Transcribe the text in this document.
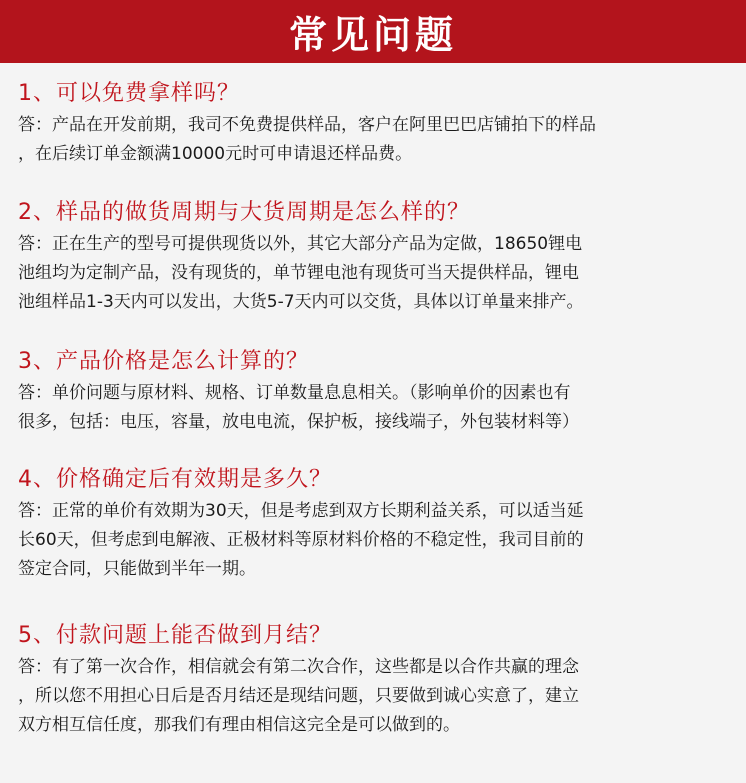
常见问题
1、可以免费拿样吗？

答：产品在开发前期，我司不免费提供样品，客户在阿里巴巴店铺拍下的样品
，在后续订单金额满10000元时可申请退还样品费。

2、样品的做货周期与大货周期是怎么样的？

答：正在生产的型号可提供现货以外，其它大部分产品为定做，18650锂电
池组均为定制产品，没有现货的，单节锂电池有现货可当天提供样品，锂电
池组样品1-3天内可以发出，大货5-7天内可以交货，具体以订单量来排产。

3、产品价格是怎么计算的？

答：单价问题与原材料、规格、订单数量息息相关。（影响单价的因素也有
很多，包括：电压，容量，放电电流，保护板，接线端子，外包装材料等）

4、价格确定后有效期是多久？

答：正常的单价有效期为30天，但是考虑到双方长期利益关系，可以适当延
长60天，但考虑到电解液、正极材料等原材料价格的不稳定性，我司目前的
签定合同，只能做到半年一期。

5、付款问题上能否做到月结？

答：有了第一次合作，相信就会有第二次合作，这些都是以合作共赢的理念
，所以您不用担心日后是否月结还是现结问题，只要做到诚心实意了，建立
双方相互信任度，那我们有理由相信这完全是可以做到的。
